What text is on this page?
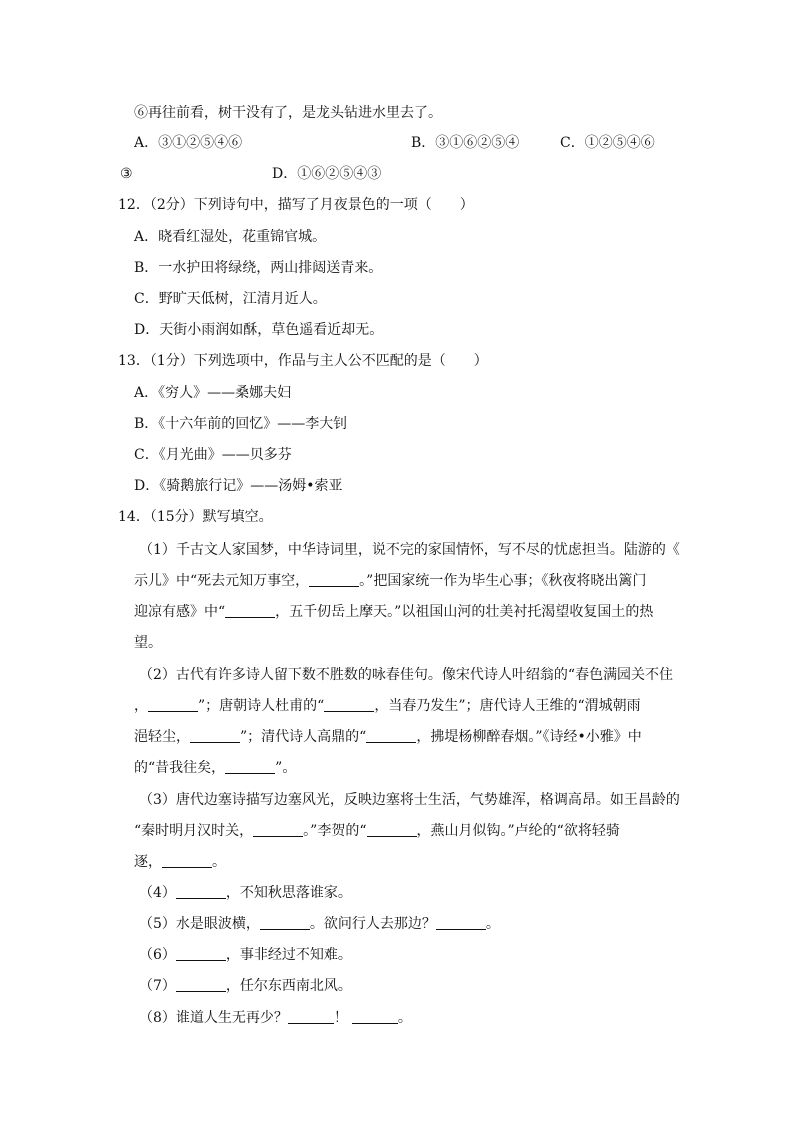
⑥再往前看，树干没有了，是龙头钻进水里去了。
A．③①②⑤④⑥	B．③①⑥②⑤④	C．①②⑤④⑥
③	D．①⑥②⑤④③
12．（2分）下列诗句中，描写了月夜景色的一项（　　）
A．晓看红湿处，花重锦官城。
B．一水护田将绿绕，两山排闼送青来。
C．野旷天低树，江清月近人。
D．天街小雨润如酥，草色遥看近却无。
13．（1分）下列选项中，作品与主人公不匹配的是（　　）
A．《穷人》——桑娜夫妇
B．《十六年前的回忆》——李大钊
C．《月光曲》——贝多芬
D．《骑鹅旅行记》——汤姆•索亚
14．（15分）默写填空。
（1）千古文人家国梦，中华诗词里，说不完的家国情怀，写不尽的忧虑担当。陆游的《
示儿》中“死去元知万事空，	。”把国家统一作为毕生心事；《秋夜将晓出篱门
迎凉有感》中“	，五千仞岳上摩天。”以祖国山河的壮美衬托渴望收复国土的热
望。
（2）古代有许多诗人留下数不胜数的咏春佳句。像宋代诗人叶绍翁的“春色满园关不住
，	”；唐朝诗人杜甫的“	，当春乃发生”；唐代诗人王维的“渭城朝雨
浥轻尘，	”；清代诗人高鼎的“	，拂堤杨柳醉春烟。”《诗经•小雅》中
的“昔我往矣，	”。
（3）唐代边塞诗描写边塞风光，反映边塞将士生活，气势雄浑，格调高昂。如王昌龄的
“秦时明月汉时关，	。”李贺的“	，燕山月似钩。”卢纶的“欲将轻骑
逐，	。
（4）	，不知秋思落谁家。
（5）水是眼波横，	。欲问行人去那边？	。
（6）	，事非经过不知难。
（7）	，任尔东西南北风。
（8）谁道人生无再少？	！	。
